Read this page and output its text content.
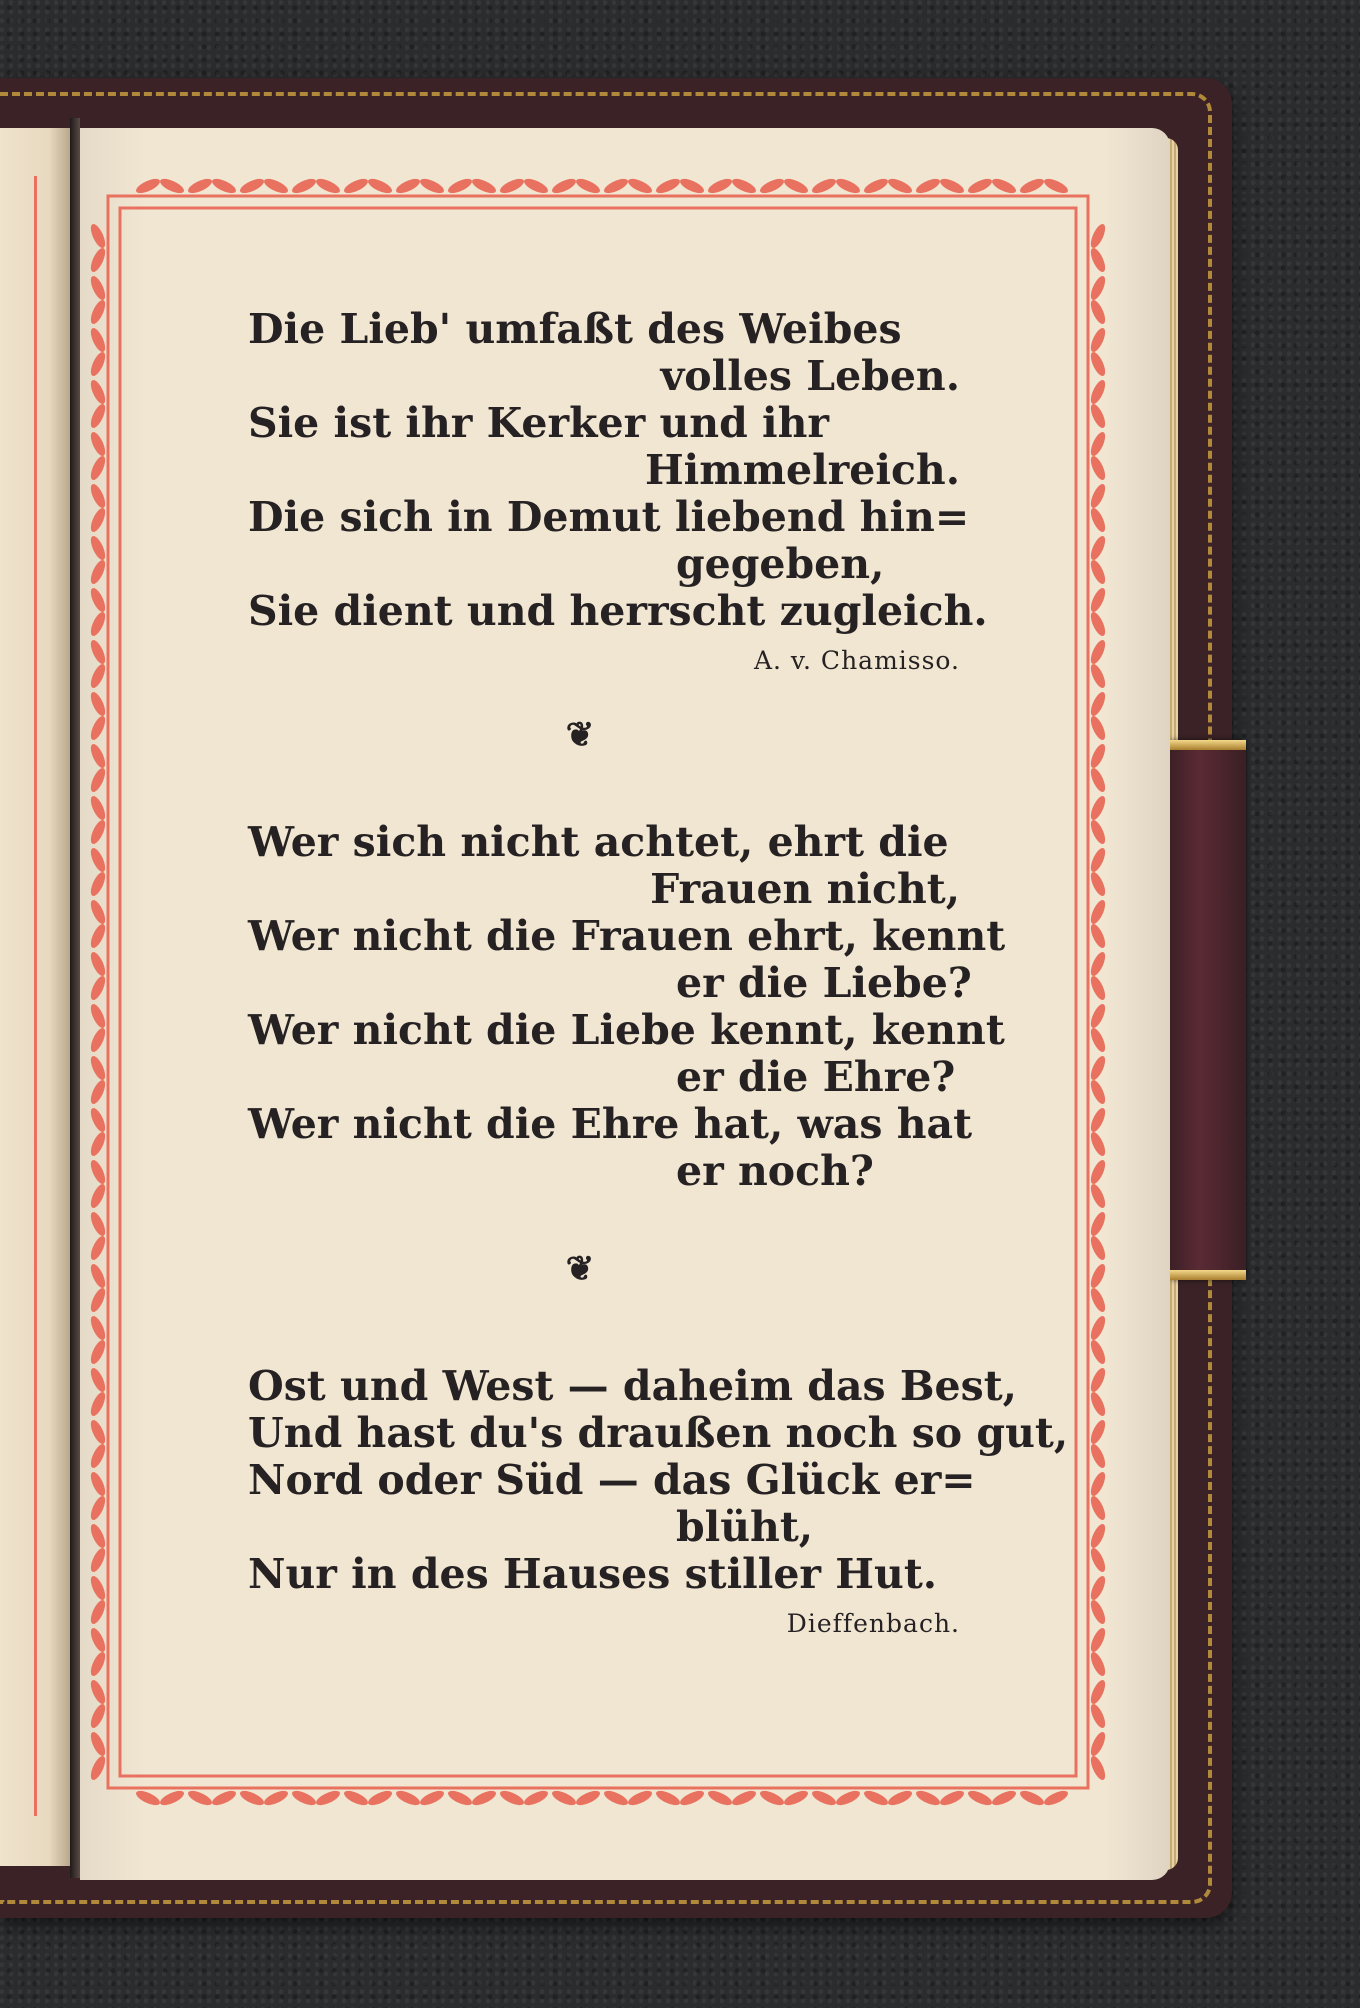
Die Lieb' umfaßt des Weibes
volles Leben.
Sie ist ihr Kerker und ihr
Himmelreich.
Die sich in Demut liebend hin=
gegeben,
Sie dient und herrscht zugleich.
A. v. Chamisso.
❦
Wer sich nicht achtet, ehrt die
Frauen nicht,
Wer nicht die Frauen ehrt, kennt
er die Liebe?
Wer nicht die Liebe kennt, kennt
er die Ehre?
Wer nicht die Ehre hat, was hat
er noch?
❦
Ost und West — daheim das Best,
Und hast du's draußen noch so gut,
Nord oder Süd — das Glück er=
blüht,
Nur in des Hauses stiller Hut.
Dieffenbach.
